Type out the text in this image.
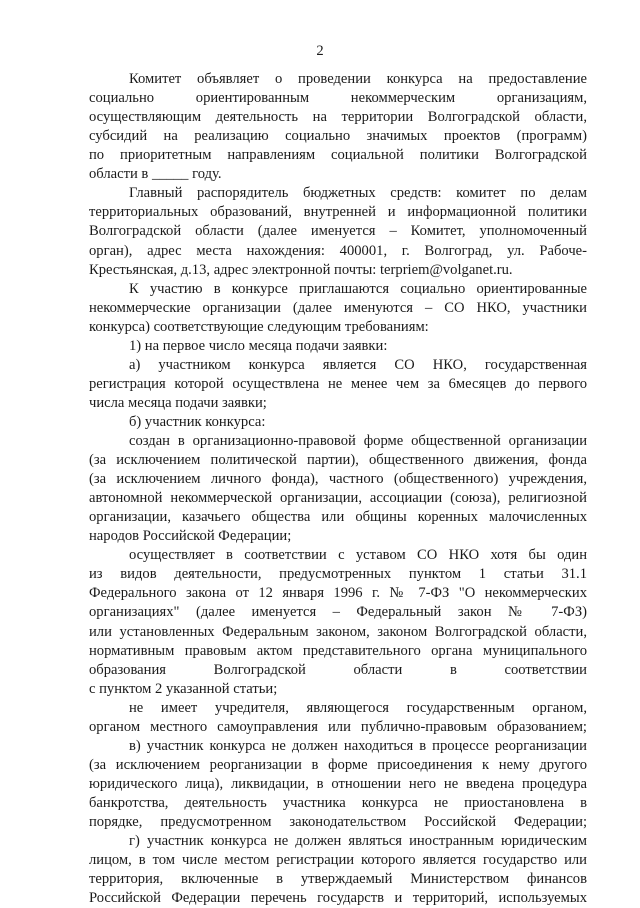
2
Комитет объявляет о проведении конкурса на предоставление
социально ориентированным некоммерческим организациям,
осуществляющим деятельность на территории Волгоградской области,
субсидий на реализацию социально значимых проектов (программ)
по приоритетным направлениям социальной политики Волгоградской
области в _____ году.
Главный распорядитель бюджетных средств: комитет по делам
территориальных образований, внутренней и информационной политики
Волгоградской области (далее именуется – Комитет, уполномоченный
орган), адрес места нахождения: 400001, г. Волгоград, ул. Рабоче-
Крестьянская, д.13, адрес электронной почты: terpriem@volganet.ru.
К участию в конкурсе приглашаются социально ориентированные
некоммерческие организации (далее именуются – СО НКО, участники
конкурса) соответствующие следующим требованиям:
1) на первое число месяца подачи заявки:
а) участником конкурса является СО НКО, государственная
регистрация которой осуществлена не менее чем за 6месяцев до первого
числа месяца подачи заявки;
б) участник конкурса:
создан в организационно-правовой форме общественной организации
(за исключением политической партии), общественного движения, фонда
(за исключением личного фонда), частного (общественного) учреждения,
автономной некоммерческой организации, ассоциации (союза), религиозной
организации, казачьего общества или общины коренных малочисленных
народов Российской Федерации;
осуществляет в соответствии с уставом СО НКО хотя бы один
из видов деятельности, предусмотренных пунктом 1 статьи 31.1
Федерального закона от 12 января 1996 г. № 7-ФЗ "О некоммерческих
организациях" (далее именуется – Федеральный закон № 7-ФЗ)
или установленных Федеральным законом, законом Волгоградской области,
нормативным правовым актом представительного органа муниципального
образования Волгоградской области в соответствии
с пунктом 2 указанной статьи;
не имеет учредителя, являющегося государственным органом,
органом местного самоуправления или публично-правовым образованием;
в) участник конкурса не должен находиться в процессе реорганизации
(за исключением реорганизации в форме присоединения к нему другого
юридического лица), ликвидации, в отношении него не введена процедура
банкротства, деятельность участника конкурса не приостановлена в
порядке, предусмотренном законодательством Российской Федерации;
г) участник конкурса не должен являться иностранным юридическим
лицом, в том числе местом регистрации которого является государство или
территория, включенные в утверждаемый Министерством финансов
Российской Федерации перечень государств и территорий, используемых
